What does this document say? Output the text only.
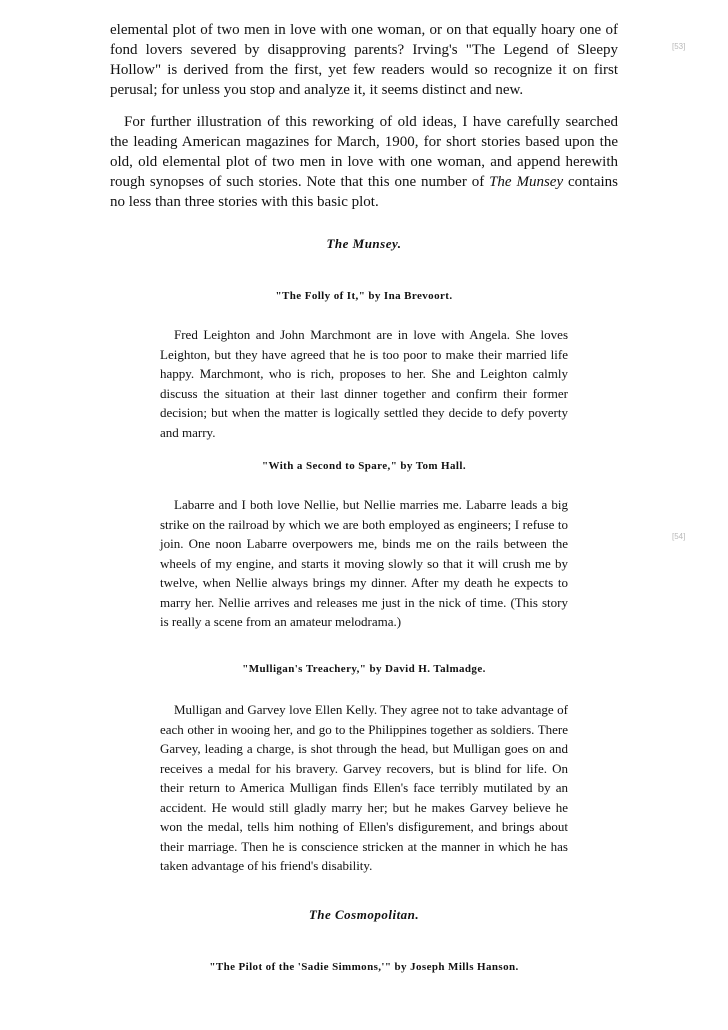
[53]
[54]

elemental plot of two men in love with one woman, or on that equally hoary one of fond lovers severed by disapproving parents? Irving's "The Legend of Sleepy Hollow" is derived from the first, yet few readers would so recognize it on first perusal; for unless you stop and analyze it, it seems distinct and new.

For further illustration of this reworking of old ideas, I have carefully searched the leading American magazines for March, 1900, for short stories based upon the old, old elemental plot of two men in love with one woman, and append herewith rough synopses of such stories. Note that this one number of The Munsey contains no less than three stories with this basic plot.

The Munsey.
"The Folly of It," by Ina Brevoort.

Fred Leighton and John Marchmont are in love with Angela. She loves Leighton, but they have agreed that he is too poor to make their married life happy. Marchmont, who is rich, proposes to her. She and Leighton calmly discuss the situation at their last dinner together and confirm their former decision; but when the matter is logically settled they decide to defy poverty and marry.

"With a Second to Spare," by Tom Hall.

Labarre and I both love Nellie, but Nellie marries me. Labarre leads a big strike on the railroad by which we are both employed as engineers; I refuse to join. One noon Labarre overpowers me, binds me on the rails between the wheels of my engine, and starts it moving slowly so that it will crush me by twelve, when Nellie always brings my dinner. After my death he expects to marry her. Nellie arrives and releases me just in the nick of time. (This story is really a scene from an amateur melodrama.)

"Mulligan's Treachery," by David H. Talmadge.

Mulligan and Garvey love Ellen Kelly. They agree not to take advantage of each other in wooing her, and go to the Philippines together as soldiers. There Garvey, leading a charge, is shot through the head, but Mulligan goes on and receives a medal for his bravery. Garvey recovers, but is blind for life. On their return to America Mulligan finds Ellen's face terribly mutilated by an accident. He would still gladly marry her; but he makes Garvey believe he won the medal, tells him nothing of Ellen's disfigurement, and brings about their marriage. Then he is conscience stricken at the manner in which he has taken advantage of his friend's disability.

The Cosmopolitan.
"The Pilot of the 'Sadie Simmons,'" by Joseph Mills Hanson.
